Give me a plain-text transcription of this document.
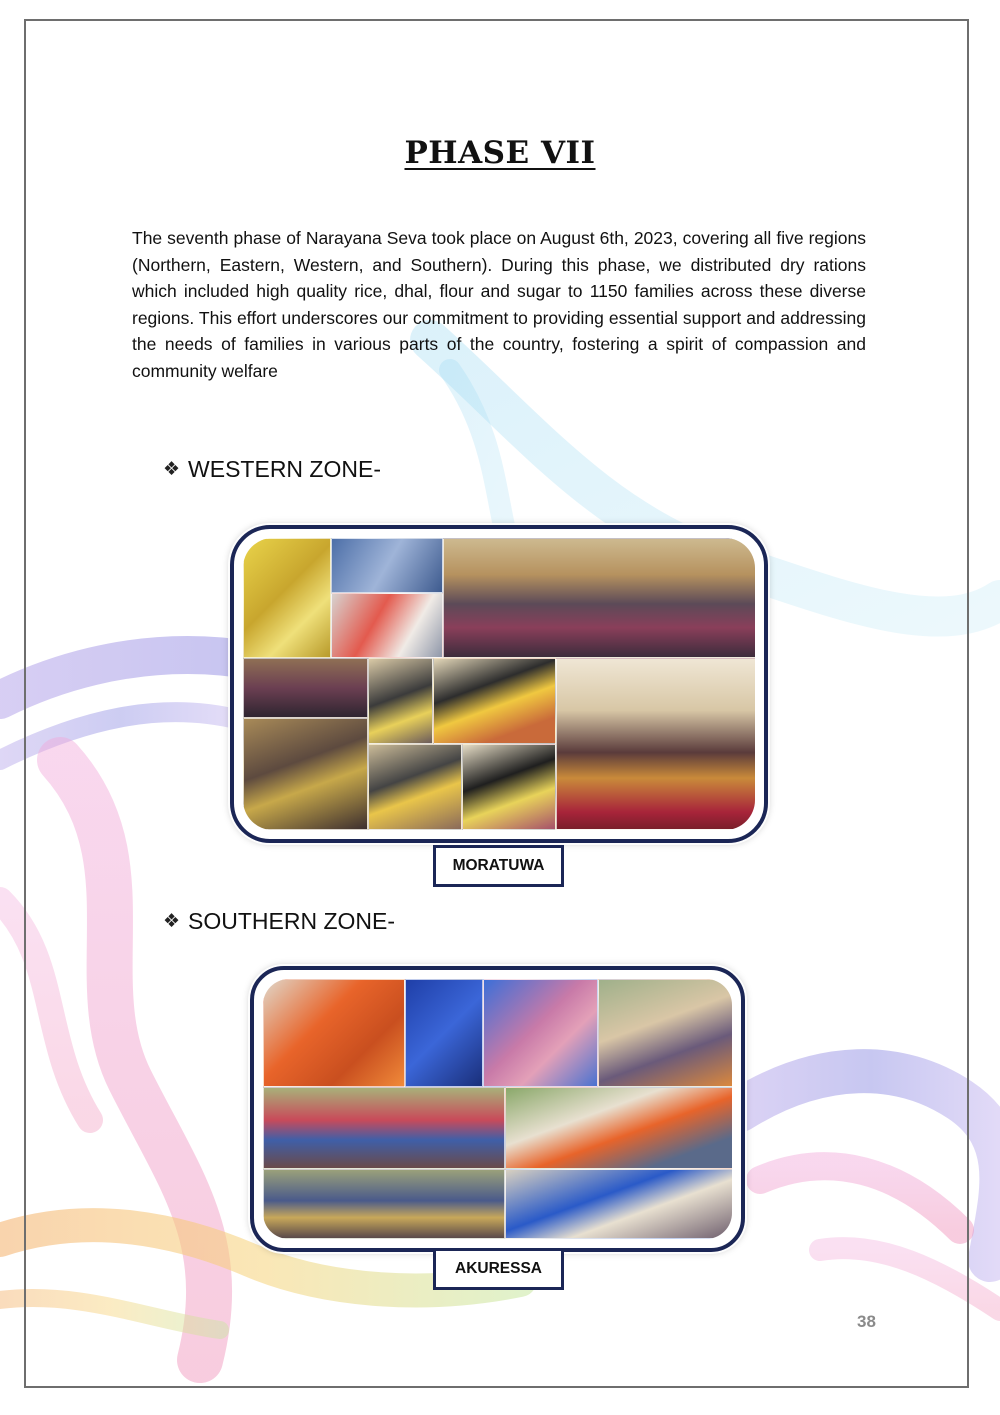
PHASE VII

The seventh phase of Narayana Seva took place on August 6th, 2023, covering all five regions (Northern, Eastern, Western, and Southern). During this phase, we distributed dry rations which included high quality rice, dhal, flour and sugar to 1150 families across these diverse regions. This effort underscores our commitment to providing essential support and addressing the needs of families in various parts of the country, fostering a spirit of compassion and community welfare

❖ WESTERN ZONE-
MORATUWA
❖ SOUTHERN ZONE-
AKURESSA
38
